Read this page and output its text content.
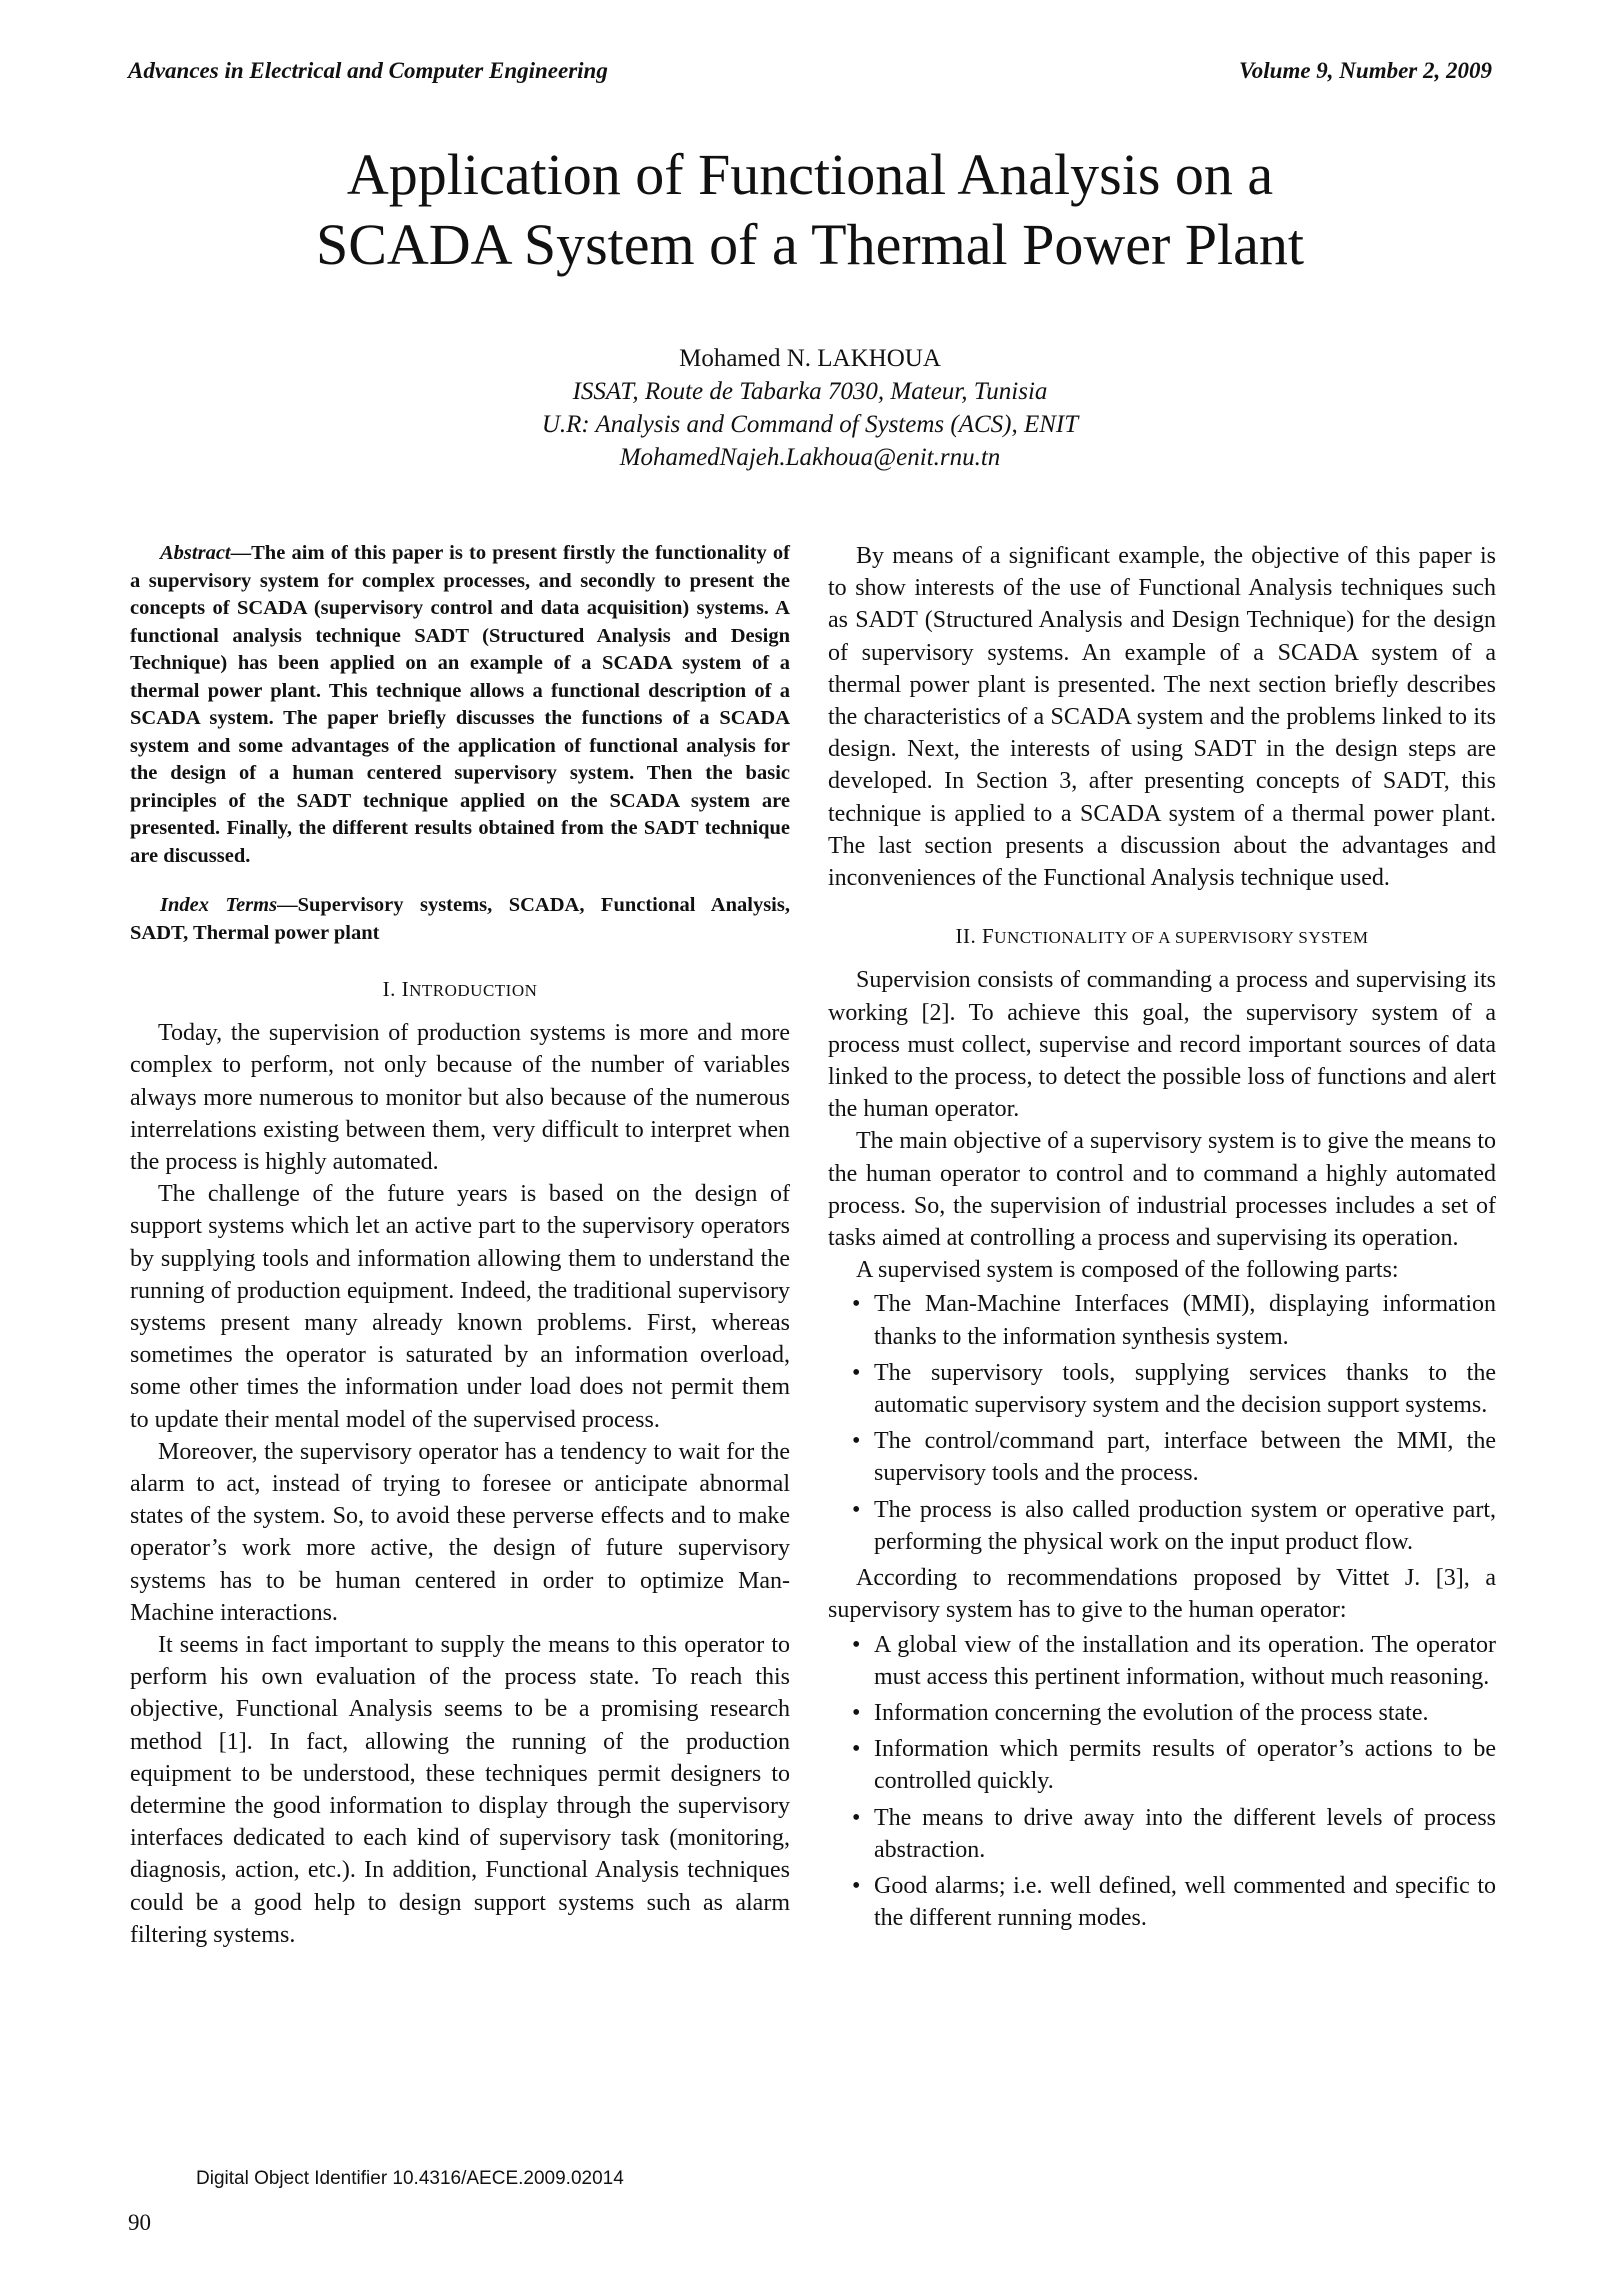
Advances in Electrical and Computer Engineering	Volume 9, Number 2, 2009
Application of Functional Analysis on a
SCADA System of a Thermal Power Plant
Mohamed N. LAKHOUA
ISSAT, Route de Tabarka 7030, Mateur, Tunisia
U.R: Analysis and Command of Systems (ACS), ENIT
MohamedNajeh.Lakhoua@enit.rnu.tn

Abstract—The aim of this paper is to present firstly the functionality of a supervisory system for complex processes, and secondly to present the concepts of SCADA (supervisory control and data acquisition) systems. A functional analysis technique SADT (Structured Analysis and Design Technique) has been applied on an example of a SCADA system of a thermal power plant. This technique allows a functional description of a SCADA system. The paper briefly discusses the functions of a SCADA system and some advantages of the application of functional analysis for the design of a human centered supervisory system. Then the basic principles of the SADT technique applied on the SCADA system are presented. Finally, the different results obtained from the SADT technique are discussed.

Index Terms—Supervisory systems, SCADA, Functional Analysis, SADT, Thermal power plant

I. INTRODUCTION

Today, the supervision of production systems is more and more complex to perform, not only because of the number of variables always more numerous to monitor but also because of the numerous interrelations existing between them, very difficult to interpret when the process is highly automated.

The challenge of the future years is based on the design of support systems which let an active part to the supervisory operators by supplying tools and information allowing them to understand the running of production equipment. Indeed, the traditional supervisory systems present many already known problems. First, whereas sometimes the operator is saturated by an information overload, some other times the information under load does not permit them to update their mental model of the supervised process.

Moreover, the supervisory operator has a tendency to wait for the alarm to act, instead of trying to foresee or anticipate abnormal states of the system. So, to avoid these perverse effects and to make operator’s work more active, the design of future supervisory systems has to be human centered in order to optimize Man-Machine interactions.

It seems in fact important to supply the means to this operator to perform his own evaluation of the process state. To reach this objective, Functional Analysis seems to be a promising research method [1]. In fact, allowing the running of the production equipment to be understood, these techniques permit designers to determine the good information to display through the supervisory interfaces dedicated to each kind of supervisory task (monitoring, diagnosis, action, etc.). In addition, Functional Analysis techniques could be a good help to design support systems such as alarm filtering systems.

By means of a significant example, the objective of this paper is to show interests of the use of Functional Analysis techniques such as SADT (Structured Analysis and Design Technique) for the design of supervisory systems. An example of a SCADA system of a thermal power plant is presented. The next section briefly describes the characteristics of a SCADA system and the problems linked to its design. Next, the interests of using SADT in the design steps are developed. In Section 3, after presenting concepts of SADT, this technique is applied to a SCADA system of a thermal power plant. The last section presents a discussion about the advantages and inconveniences of the Functional Analysis technique used.

II. FUNCTIONALITY OF A SUPERVISORY SYSTEM

Supervision consists of commanding a process and supervising its working [2]. To achieve this goal, the supervisory system of a process must collect, supervise and record important sources of data linked to the process, to detect the possible loss of functions and alert the human operator.

The main objective of a supervisory system is to give the means to the human operator to control and to command a highly automated process. So, the supervision of industrial processes includes a set of tasks aimed at controlling a process and supervising its operation.

A supervised system is composed of the following parts:

• The Man-Machine Interfaces (MMI), displaying information thanks to the information synthesis system.
• The supervisory tools, supplying services thanks to the automatic supervisory system and the decision support systems.
• The control/command part, interface between the MMI, the supervisory tools and the process.
• The process is also called production system or operative part, performing the physical work on the input product flow.

According to recommendations proposed by Vittet J. [3], a supervisory system has to give to the human operator:

• A global view of the installation and its operation. The operator must access this pertinent information, without much reasoning.
• Information concerning the evolution of the process state.
• Information which permits results of operator’s actions to be controlled quickly.
• The means to drive away into the different levels of process abstraction.
• Good alarms; i.e. well defined, well commented and specific to the different running modes.
Digital Object Identifier 10.4316/AECE.2009.02014
90
